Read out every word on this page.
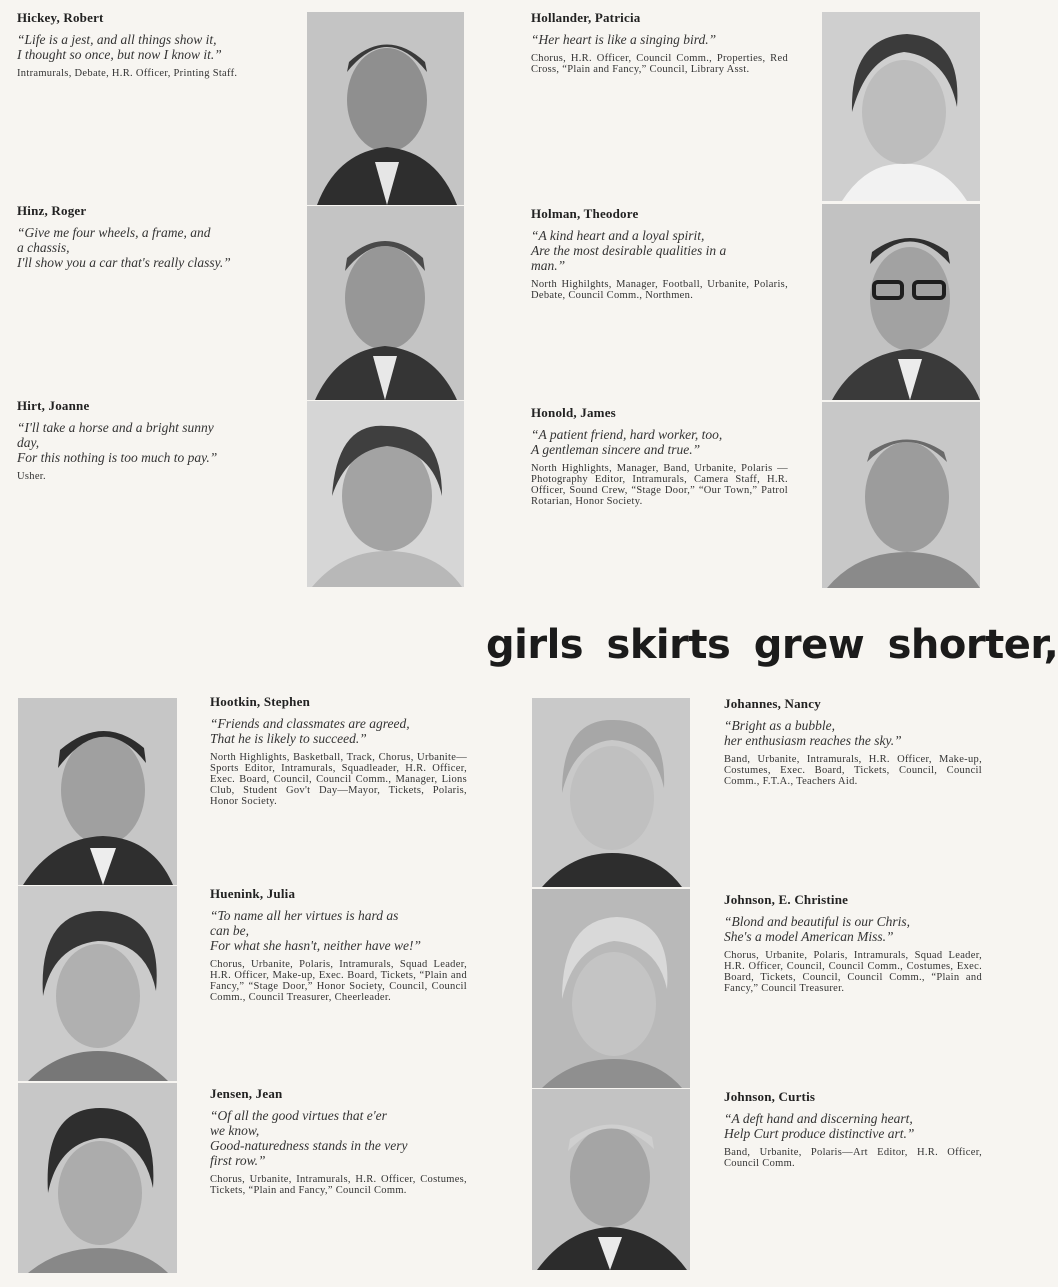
Hickey, Robert
“Life is a jest, and all things show it,
I thought so once, but now I know it.”
Intramurals, Debate, H.R. Officer, Printing Staff.
Hinz, Roger
“Give me four wheels, a frame, and
a chassis,
I'll show you a car that's really classy.”
Hirt, Joanne
“I'll take a horse and a bright sunny
day,
For this nothing is too much to pay.”
Usher.
Hollander, Patricia
“Her heart is like a singing bird.”
Chorus, H.R. Officer, Council Comm., Properties, Red Cross, “Plain and Fancy,” Council, Library Asst.
Holman, Theodore
“A kind heart and a loyal spirit,
Are the most desirable qualities in a
man.”
North Highilghts, Manager, Football, Urbanite, Polaris, Debate, Council Comm., Northmen.
Honold, James
“A patient friend, hard worker, too,
A gentleman sincere and true.”
North Highlights, Manager, Band, Urbanite, Polaris — Photography Editor, Intramurals, Camera Staff, H.R. Officer, Sound Crew, “Stage Door,” “Our Town,” Patrol Rotarian, Honor Society.
girls skirts grew shorter,
Hootkin, Stephen
“Friends and classmates are agreed,
That he is likely to succeed.”
North Highlights, Basketball, Track, Chorus, Urbanite—Sports Editor, Intramurals, Squadleader, H.R. Officer, Exec. Board, Council, Council Comm., Manager, Lions Club, Student Gov't Day—Mayor, Tickets, Polaris, Honor Society.
Huenink, Julia
“To name all her virtues is hard as
can be,
For what she hasn't, neither have we!”
Chorus, Urbanite, Polaris, Intramurals, Squad Leader, H.R. Officer, Make-up, Exec. Board, Tickets, “Plain and Fancy,” “Stage Door,” Honor Society, Council, Council Comm., Council Treasurer, Cheerleader.
Jensen, Jean
“Of all the good virtues that e'er
we know,
Good-naturedness stands in the very
first row.”
Chorus, Urbanite, Intramurals, H.R. Officer, Costumes, Tickets, “Plain and Fancy,” Council Comm.
Johannes, Nancy
“Bright as a bubble,
her enthusiasm reaches the sky.”
Band, Urbanite, Intramurals, H.R. Officer, Make-up, Costumes, Exec. Board, Tickets, Council, Council Comm., F.T.A., Teachers Aid.
Johnson, E. Christine
“Blond and beautiful is our Chris,
She's a model American Miss.”
Chorus, Urbanite, Polaris, Intramurals, Squad Leader, H.R. Officer, Council, Council Comm., Costumes, Exec. Board, Tickets, Council, Council Comm., “Plain and Fancy,” Council Treasurer.
Johnson, Curtis
“A deft hand and discerning heart,
Help Curt produce distinctive art.”
Band, Urbanite, Polaris—Art Editor, H.R. Officer, Council Comm.
